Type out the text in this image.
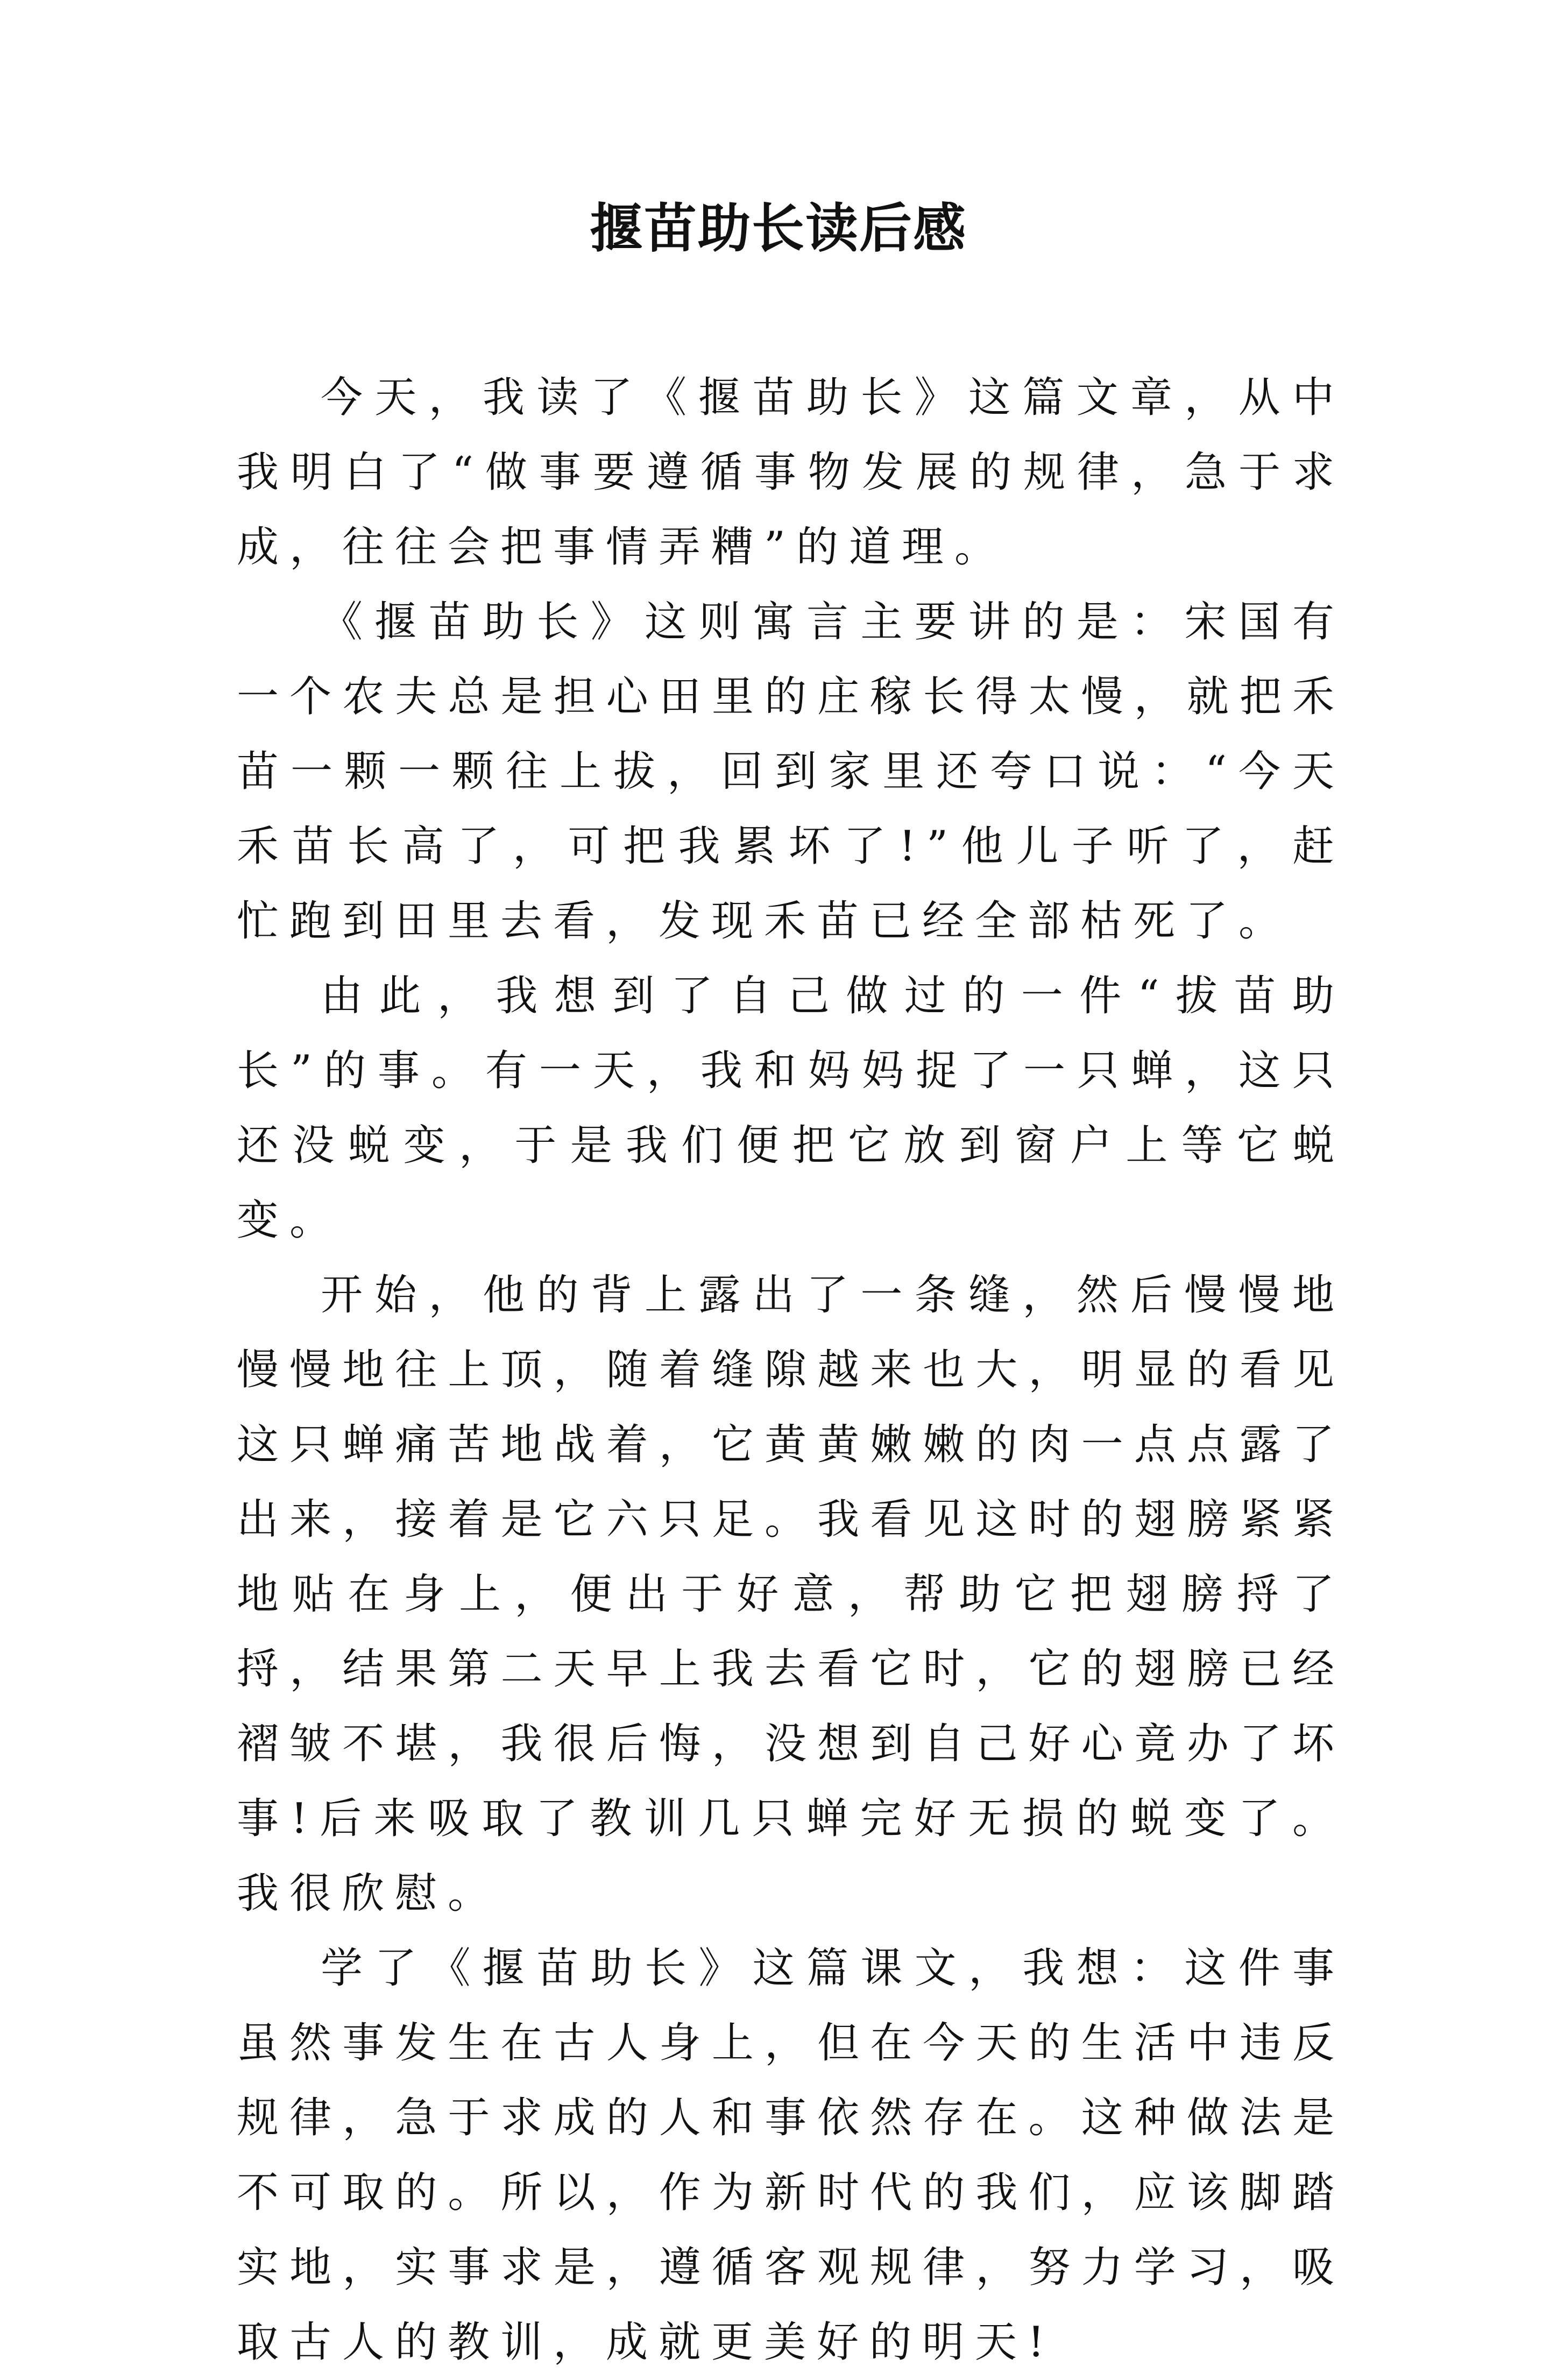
揠苗助长读后感

今天，我读了《揠苗助长》这篇文章，从中我明白了“做事要遵循事物发展的规律，急于求成，往往会把事情弄糟”的道理。

《揠苗助长》这则寓言主要讲的是：宋国有一个农夫总是担心田里的庄稼长得太慢，就把禾苗一颗一颗往上拔，回到家里还夸口说：“今天禾苗长高了，可把我累坏了!”他儿子听了，赶忙跑到田里去看，发现禾苗已经全部枯死了。

由此，我想到了自己做过的一件“拔苗助长”的事。有一天，我和妈妈捉了一只蝉，这只还没蜕变，于是我们便把它放到窗户上等它蜕变。

开始，他的背上露出了一条缝，然后慢慢地慢慢地往上顶，随着缝隙越来也大，明显的看见这只蝉痛苦地战着，它黄黄嫩嫩的肉一点点露了出来，接着是它六只足。我看见这时的翅膀紧紧地贴在身上，便出于好意，帮助它把翅膀捋了捋，结果第二天早上我去看它时，它的翅膀已经褶皱不堪，我很后悔，没想到自己好心竟办了坏事!后来吸取了教训几只蝉完好无损的蜕变了。我很欣慰。

学了《揠苗助长》这篇课文，我想：这件事虽然事发生在古人身上，但在今天的生活中违反规律，急于求成的人和事依然存在。这种做法是不可取的。所以，作为新时代的我们，应该脚踏实地，实事求是，遵循客观规律，努力学习，吸取古人的教训，成就更美好的明天!
